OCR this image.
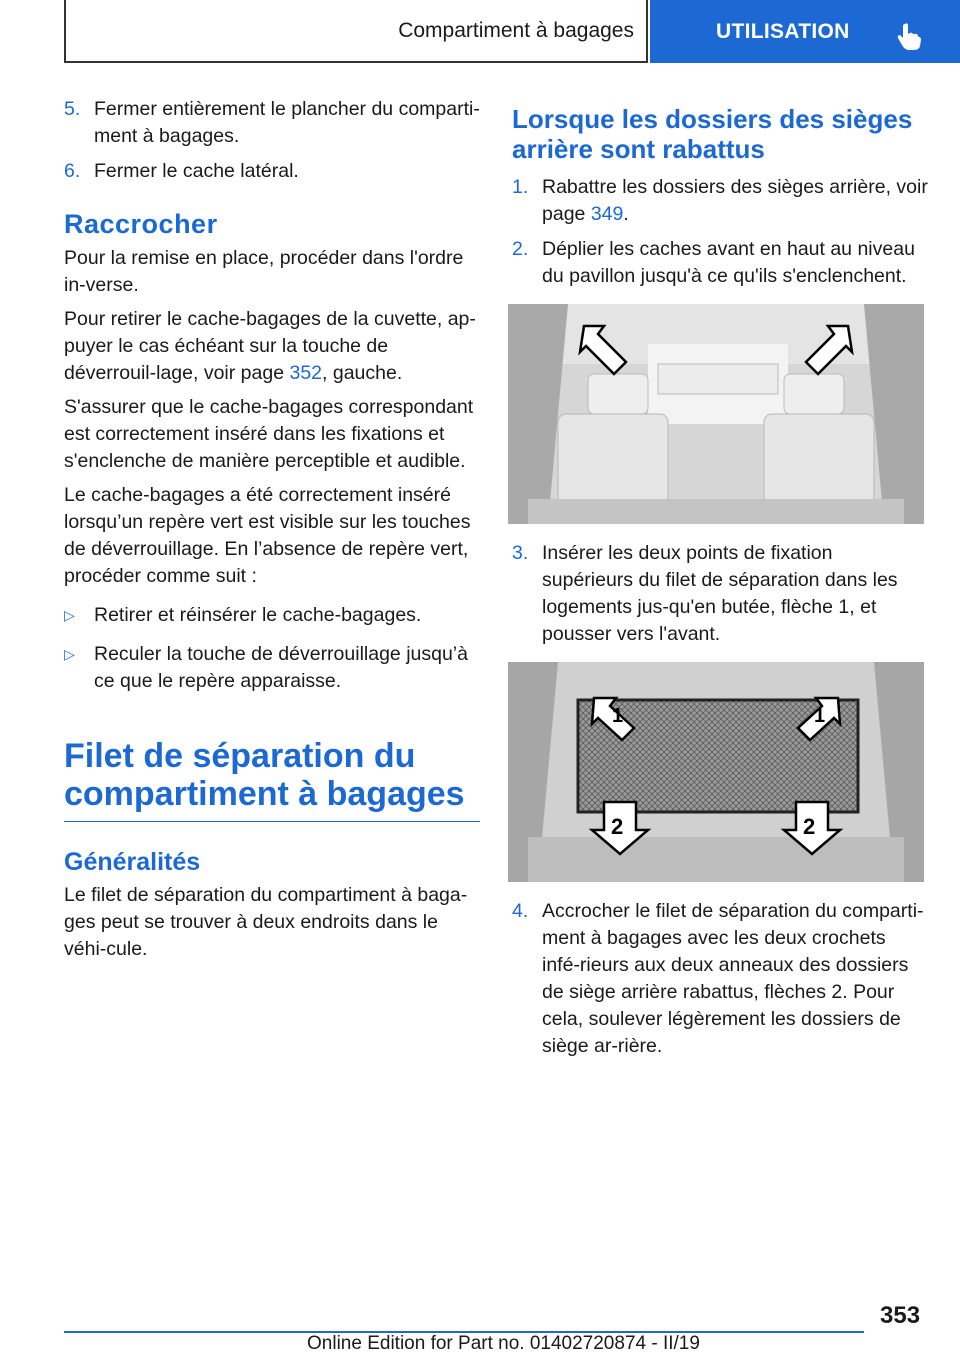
Compartiment à bagages	UTILISATION
5. Fermer entièrement le plancher du comparti-ment à bagages.
6. Fermer le cache latéral.
Raccrocher

Pour la remise en place, procéder dans l'ordre in-verse.

Pour retirer le cache-bagages de la cuvette, ap-puyer le cas échéant sur la touche de déverrouil-lage, voir page 352, gauche.

S'assurer que le cache-bagages correspondant est correctement inséré dans les fixations et s'enclenche de manière perceptible et audible.

Le cache-bagages a été correctement inséré lorsqu’un repère vert est visible sur les touches de déverrouillage. En l’absence de repère vert, procéder comme suit :

▷ Retirer et réinsérer le cache-bagages.
▷ Reculer la touche de déverrouillage jusqu’à ce que le repère apparaisse.
Filet de séparation du compartiment à bagages
Généralités

Le filet de séparation du compartiment à baga-ges peut se trouver à deux endroits dans le véhi-cule.

Lorsque les dossiers des sièges arrière sont rabattus
1. Rabattre les dossiers des sièges arrière, voir page 349.
2. Déplier les caches avant en haut au niveau du pavillon jusqu'à ce qu'ils s'enclenchent.
3. Insérer les deux points de fixation supérieurs du filet de séparation dans les logements jus-qu'en butée, flèche 1, et pousser vers l'avant.
1	1
2	2
4. Accrocher le filet de séparation du comparti-ment à bagages avec les deux crochets infé-rieurs aux deux anneaux des dossiers de siège arrière rabattus, flèches 2. Pour cela, soulever légèrement les dossiers de siège ar-rière.
353
Online Edition for Part no. 01402720874 - II/19
